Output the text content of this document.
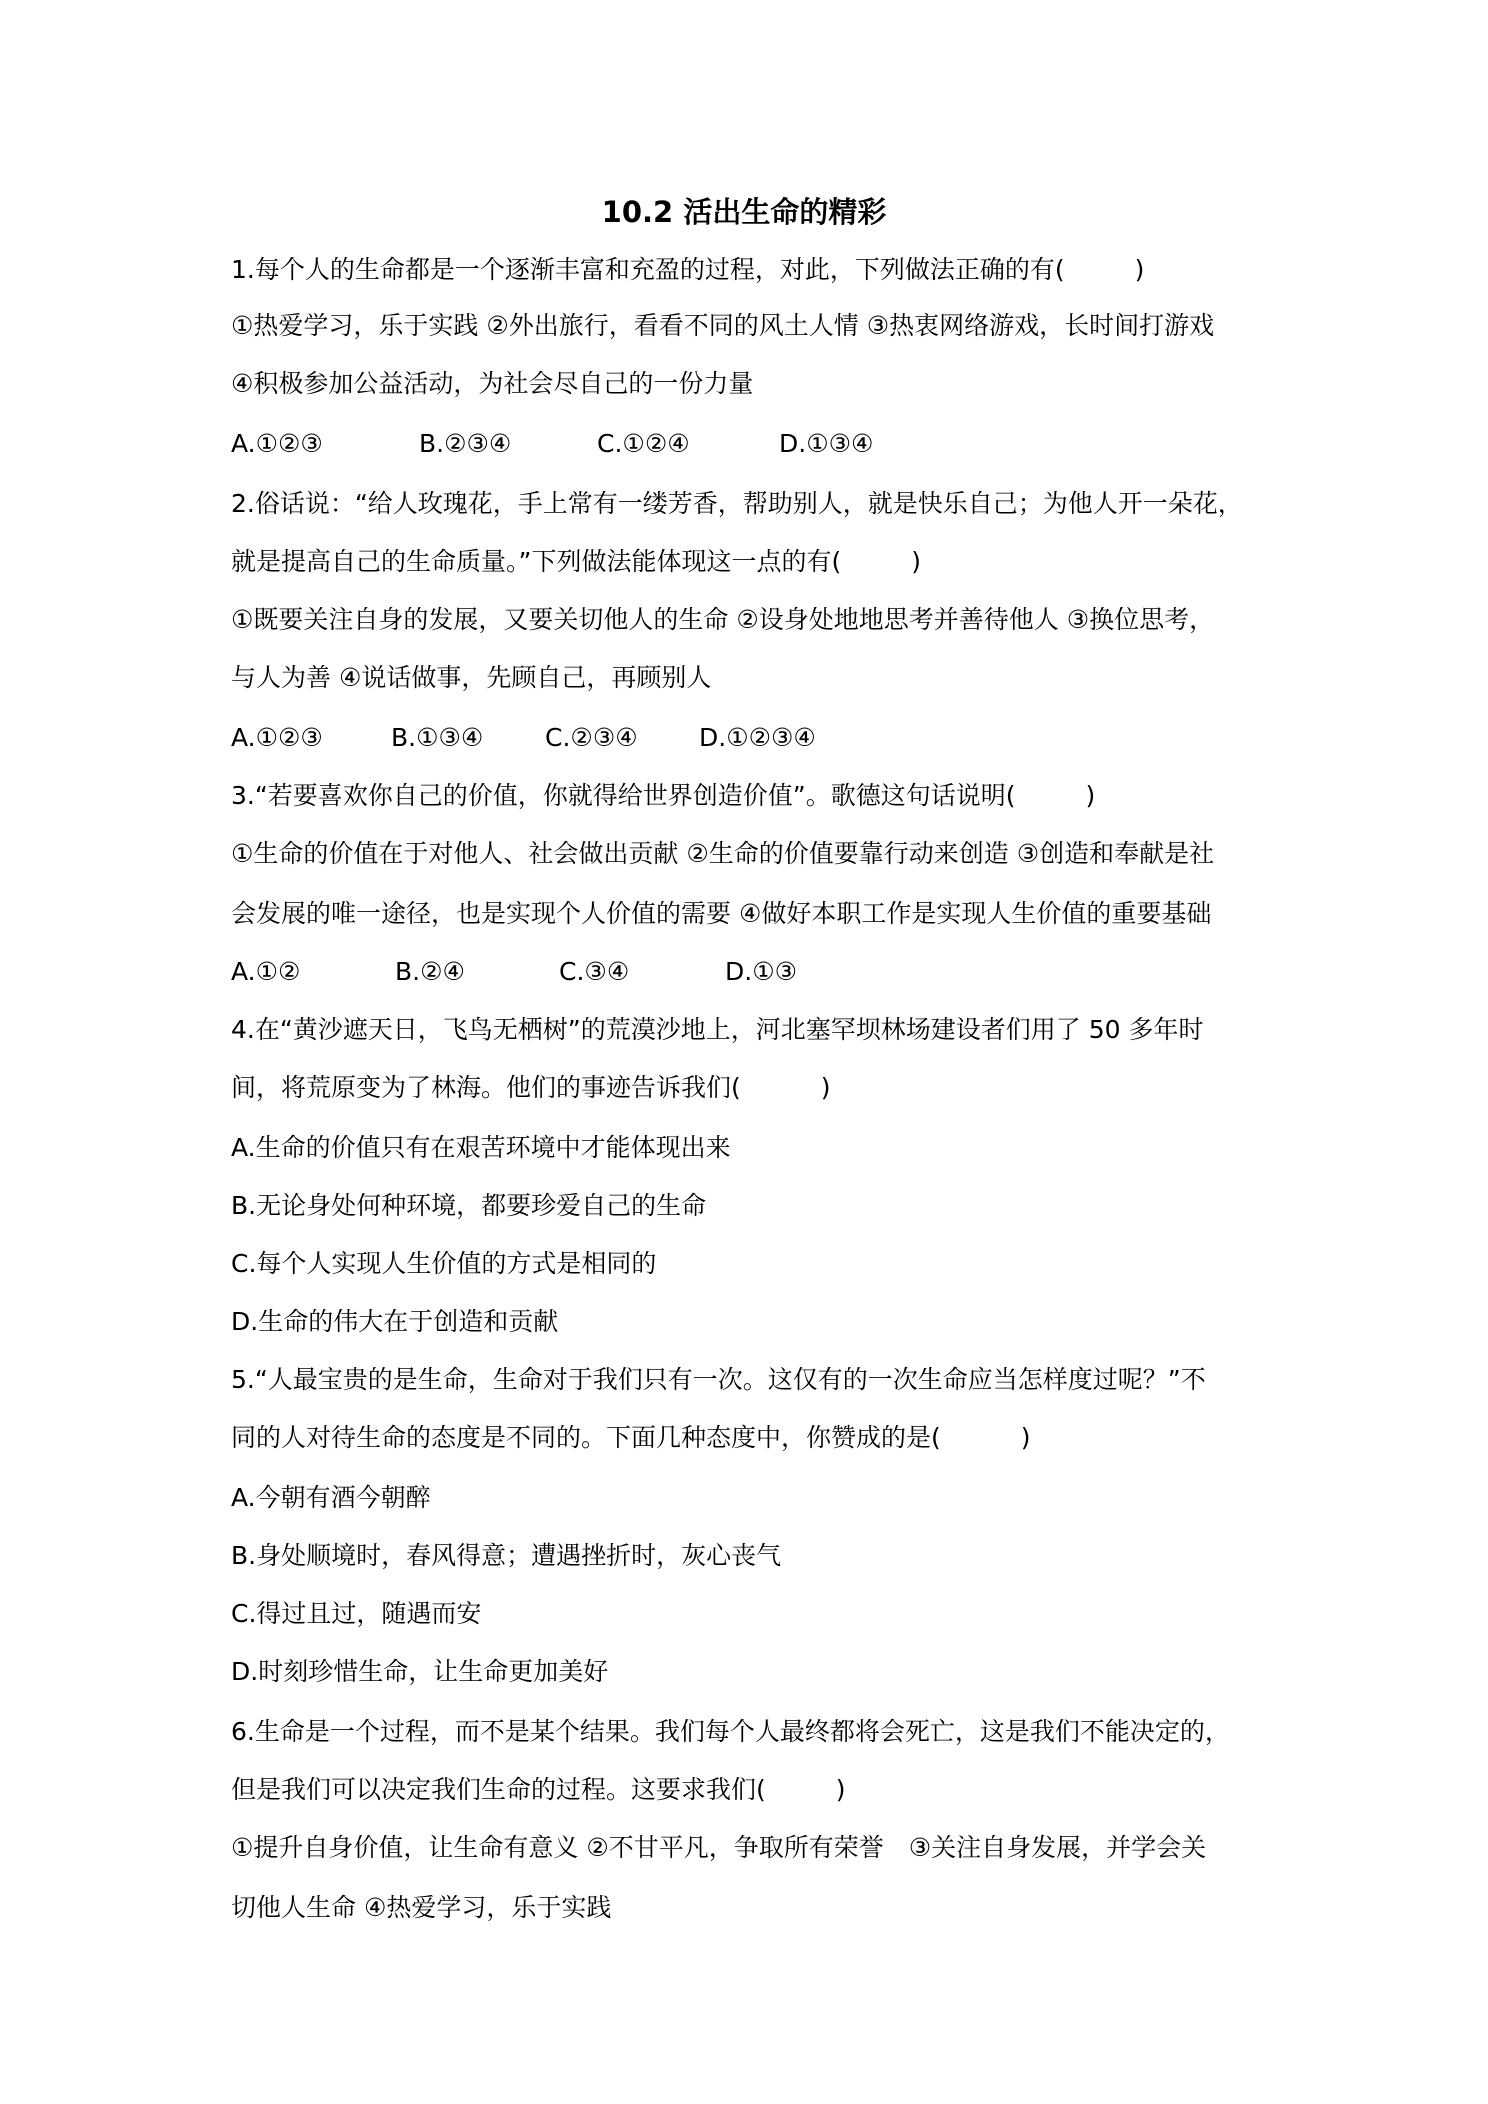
10.2 活出生命的精彩
1.每个人的生命都是一个逐渐丰富和充盈的过程，对此，下列做法正确的有(	)
①热爱学习，乐于实践 ②外出旅行，看看不同的风土人情 ③热衷网络游戏，长时间打游戏
④积极参加公益活动，为社会尽自己的一份力量
A.①②③	B.②③④	C.①②④	D.①③④
2.俗话说：“给人玫瑰花，手上常有一缕芳香，帮助别人，就是快乐自己；为他人开一朵花，
就是提高自己的生命质量。”下列做法能体现这一点的有(	)
①既要关注自身的发展，又要关切他人的生命 ②设身处地地思考并善待他人 ③换位思考，
与人为善 ④说话做事，先顾自己，再顾别人
A.①②③	B.①③④ C.②③④ D.①②③④
3.“若要喜欢你自己的价值，你就得给世界创造价值”。歌德这句话说明(	)
①生命的价值在于对他人、社会做出贡献 ②生命的价值要靠行动来创造 ③创造和奉献是社
会发展的唯一途径，也是实现个人价值的需要 ④做好本职工作是实现人生价值的重要基础
A.①②	B.②④	C.③④	D.①③
4.在“黄沙遮天日，飞鸟无栖树”的荒漠沙地上，河北塞罕坝林场建设者们用了 50 多年时
间，将荒原变为了林海。他们的事迹告诉我们(	)
A.生命的价值只有在艰苦环境中才能体现出来
B.无论身处何种环境，都要珍爱自己的生命
C.每个人实现人生价值的方式是相同的
D.生命的伟大在于创造和贡献
5.“人最宝贵的是生命，生命对于我们只有一次。这仅有的一次生命应当怎样度过呢？”不
同的人对待生命的态度是不同的。下面几种态度中，你赞成的是(	)
A.今朝有酒今朝醉
B.身处顺境时，春风得意；遭遇挫折时，灰心丧气
C.得过且过，随遇而安
D.时刻珍惜生命，让生命更加美好
6.生命是一个过程，而不是某个结果。我们每个人最终都将会死亡，这是我们不能决定的，
但是我们可以决定我们生命的过程。这要求我们(	)
①提升自身价值，让生命有意义 ②不甘平凡，争取所有荣誉　③关注自身发展，并学会关
切他人生命 ④热爱学习，乐于实践
